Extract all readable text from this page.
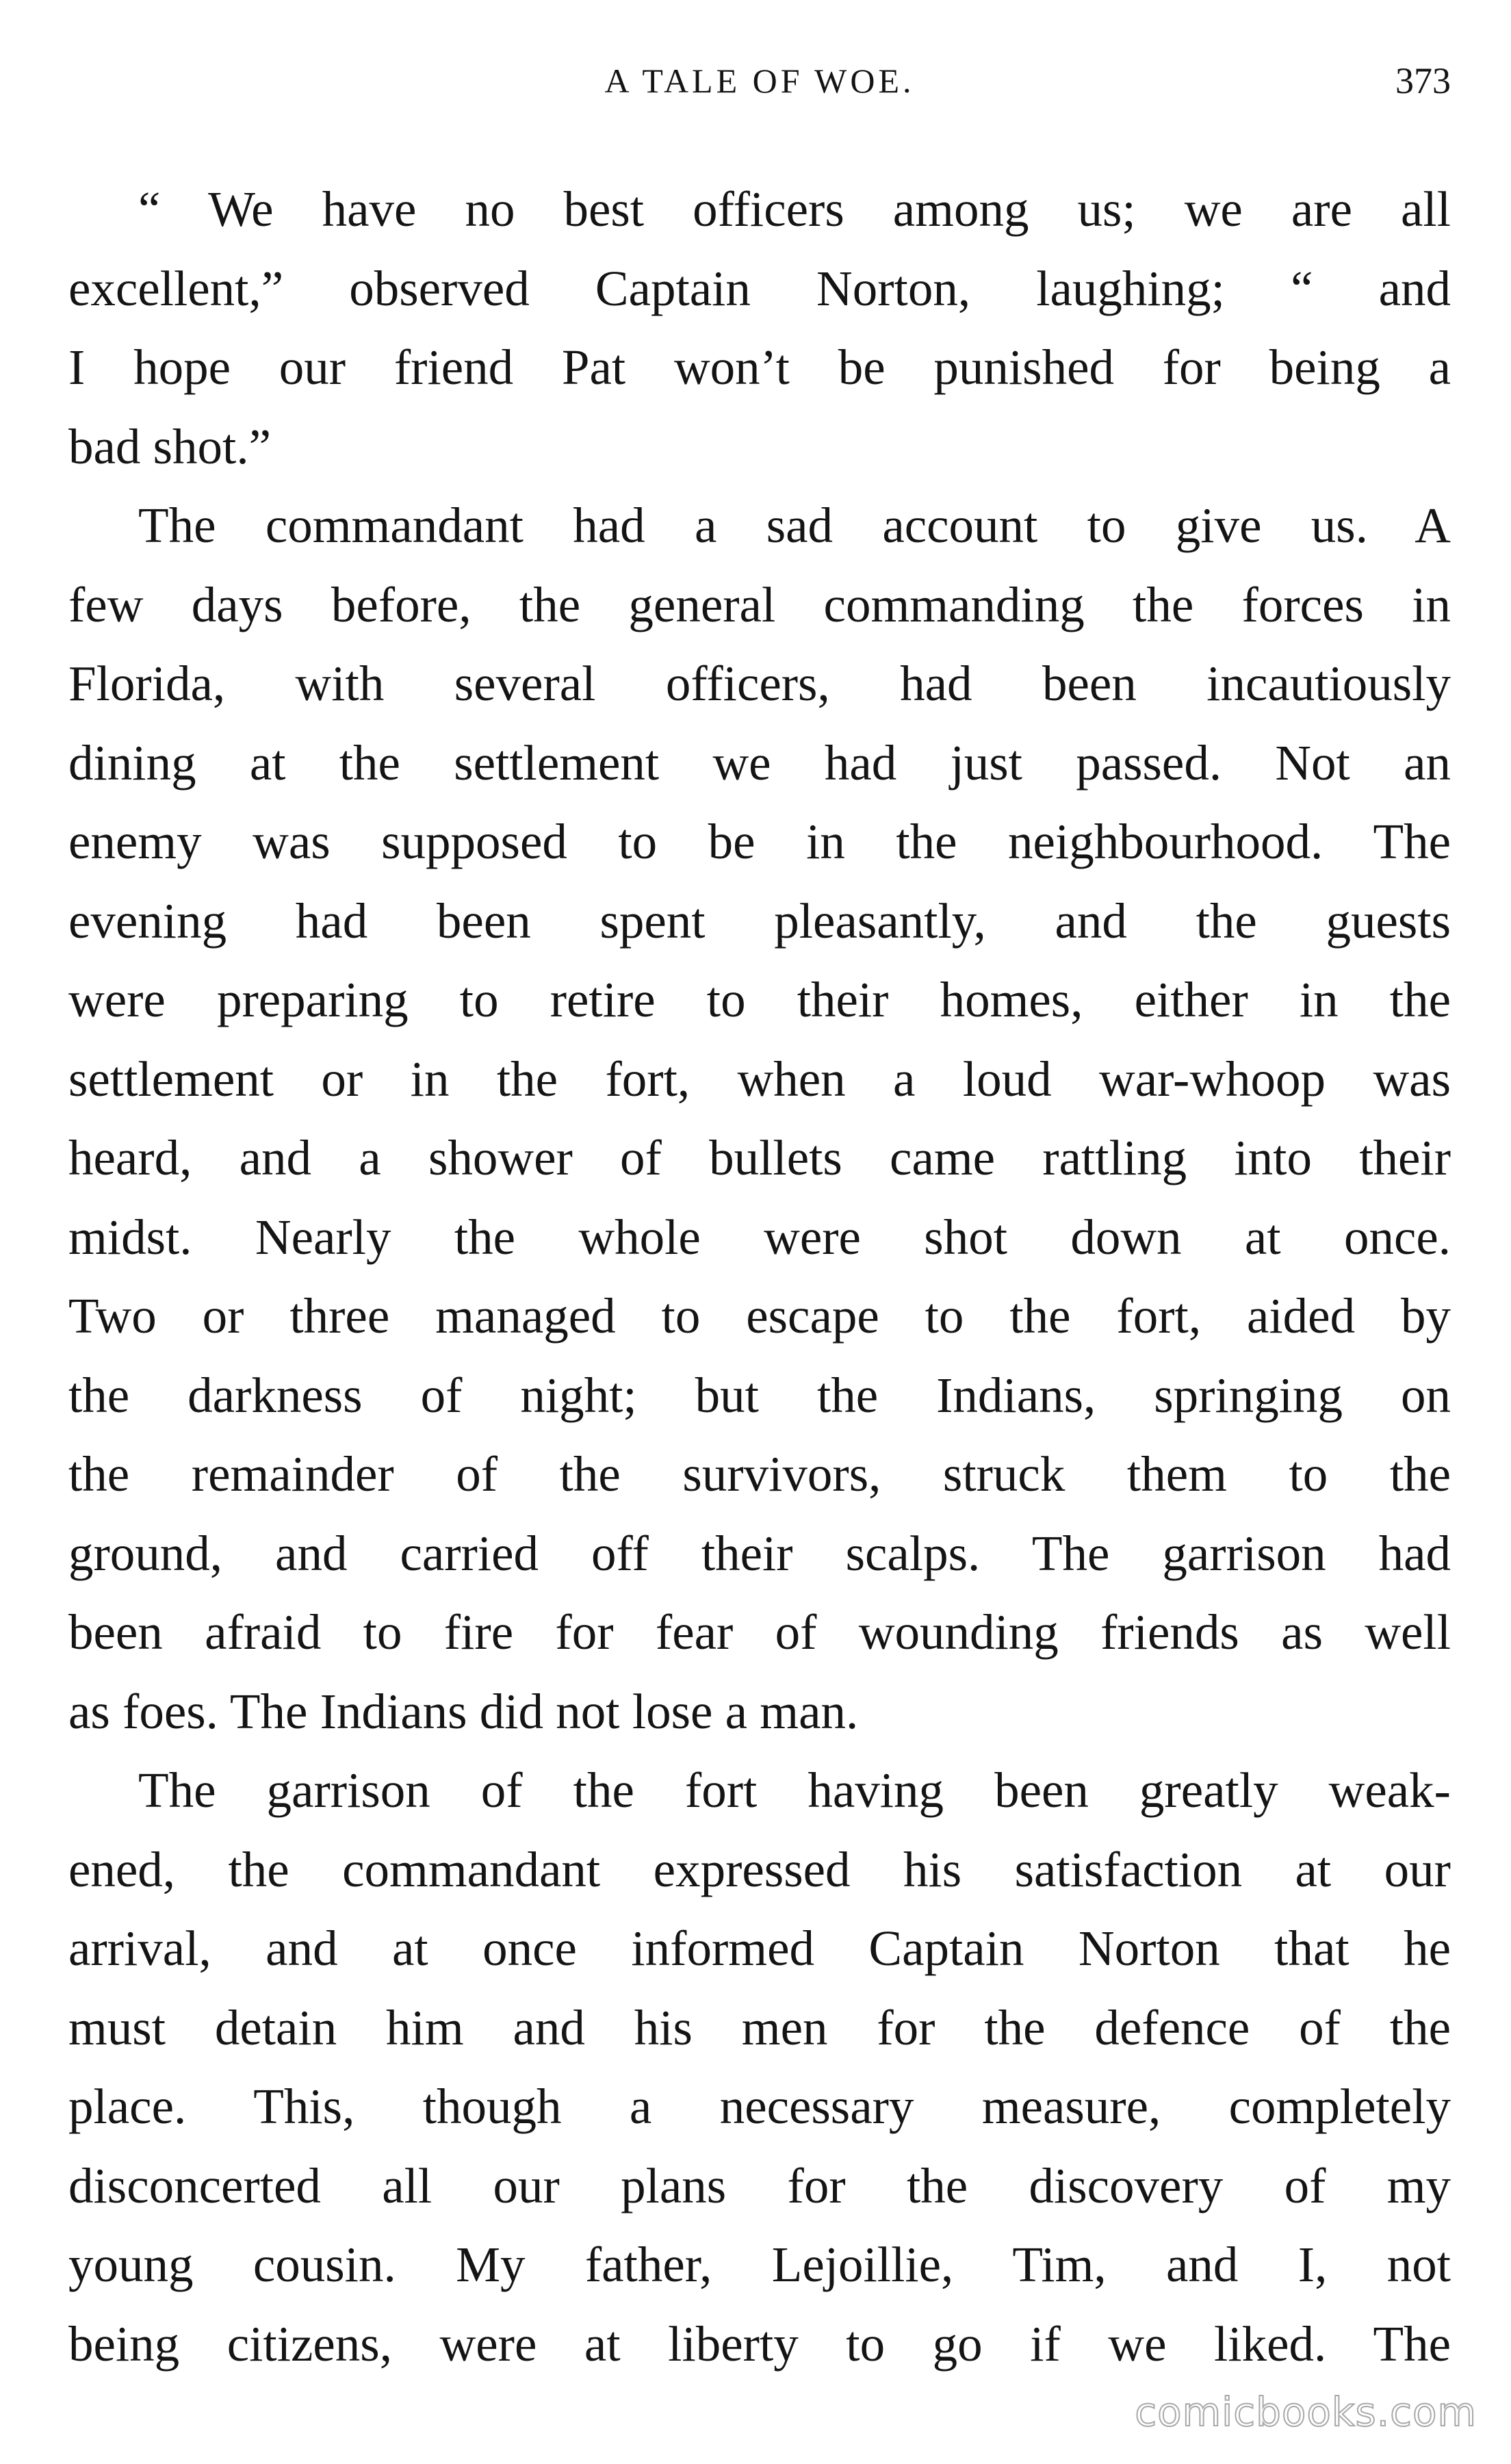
A TALE OF WOE.	373

“ We have no best officers among us; we are all
excellent,” observed Captain Norton, laughing; “ and
I hope our friend Pat won’t be punished for being a
bad shot.”

The commandant had a sad account to give us. A
few days before, the general commanding the forces in
Florida, with several officers, had been incautiously
dining at the settlement we had just passed. Not an
enemy was supposed to be in the neighbourhood. The
evening had been spent pleasantly, and the guests
were preparing to retire to their homes, either in the
settlement or in the fort, when a loud war-whoop was
heard, and a shower of bullets came rattling into their
midst. Nearly the whole were shot down at once.
Two or three managed to escape to the fort, aided by
the darkness of night; but the Indians, springing on
the remainder of the survivors, struck them to the
ground, and carried off their scalps. The garrison had
been afraid to fire for fear of wounding friends as well
as foes. The Indians did not lose a man.

The garrison of the fort having been greatly weak-
ened, the commandant expressed his satisfaction at our
arrival, and at once informed Captain Norton that he
must detain him and his men for the defence of the
place. This, though a necessary measure, completely
disconcerted all our plans for the discovery of my
young cousin. My father, Lejoillie, Tim, and I, not
being citizens, were at liberty to go if we liked. The

comicbooks.com
